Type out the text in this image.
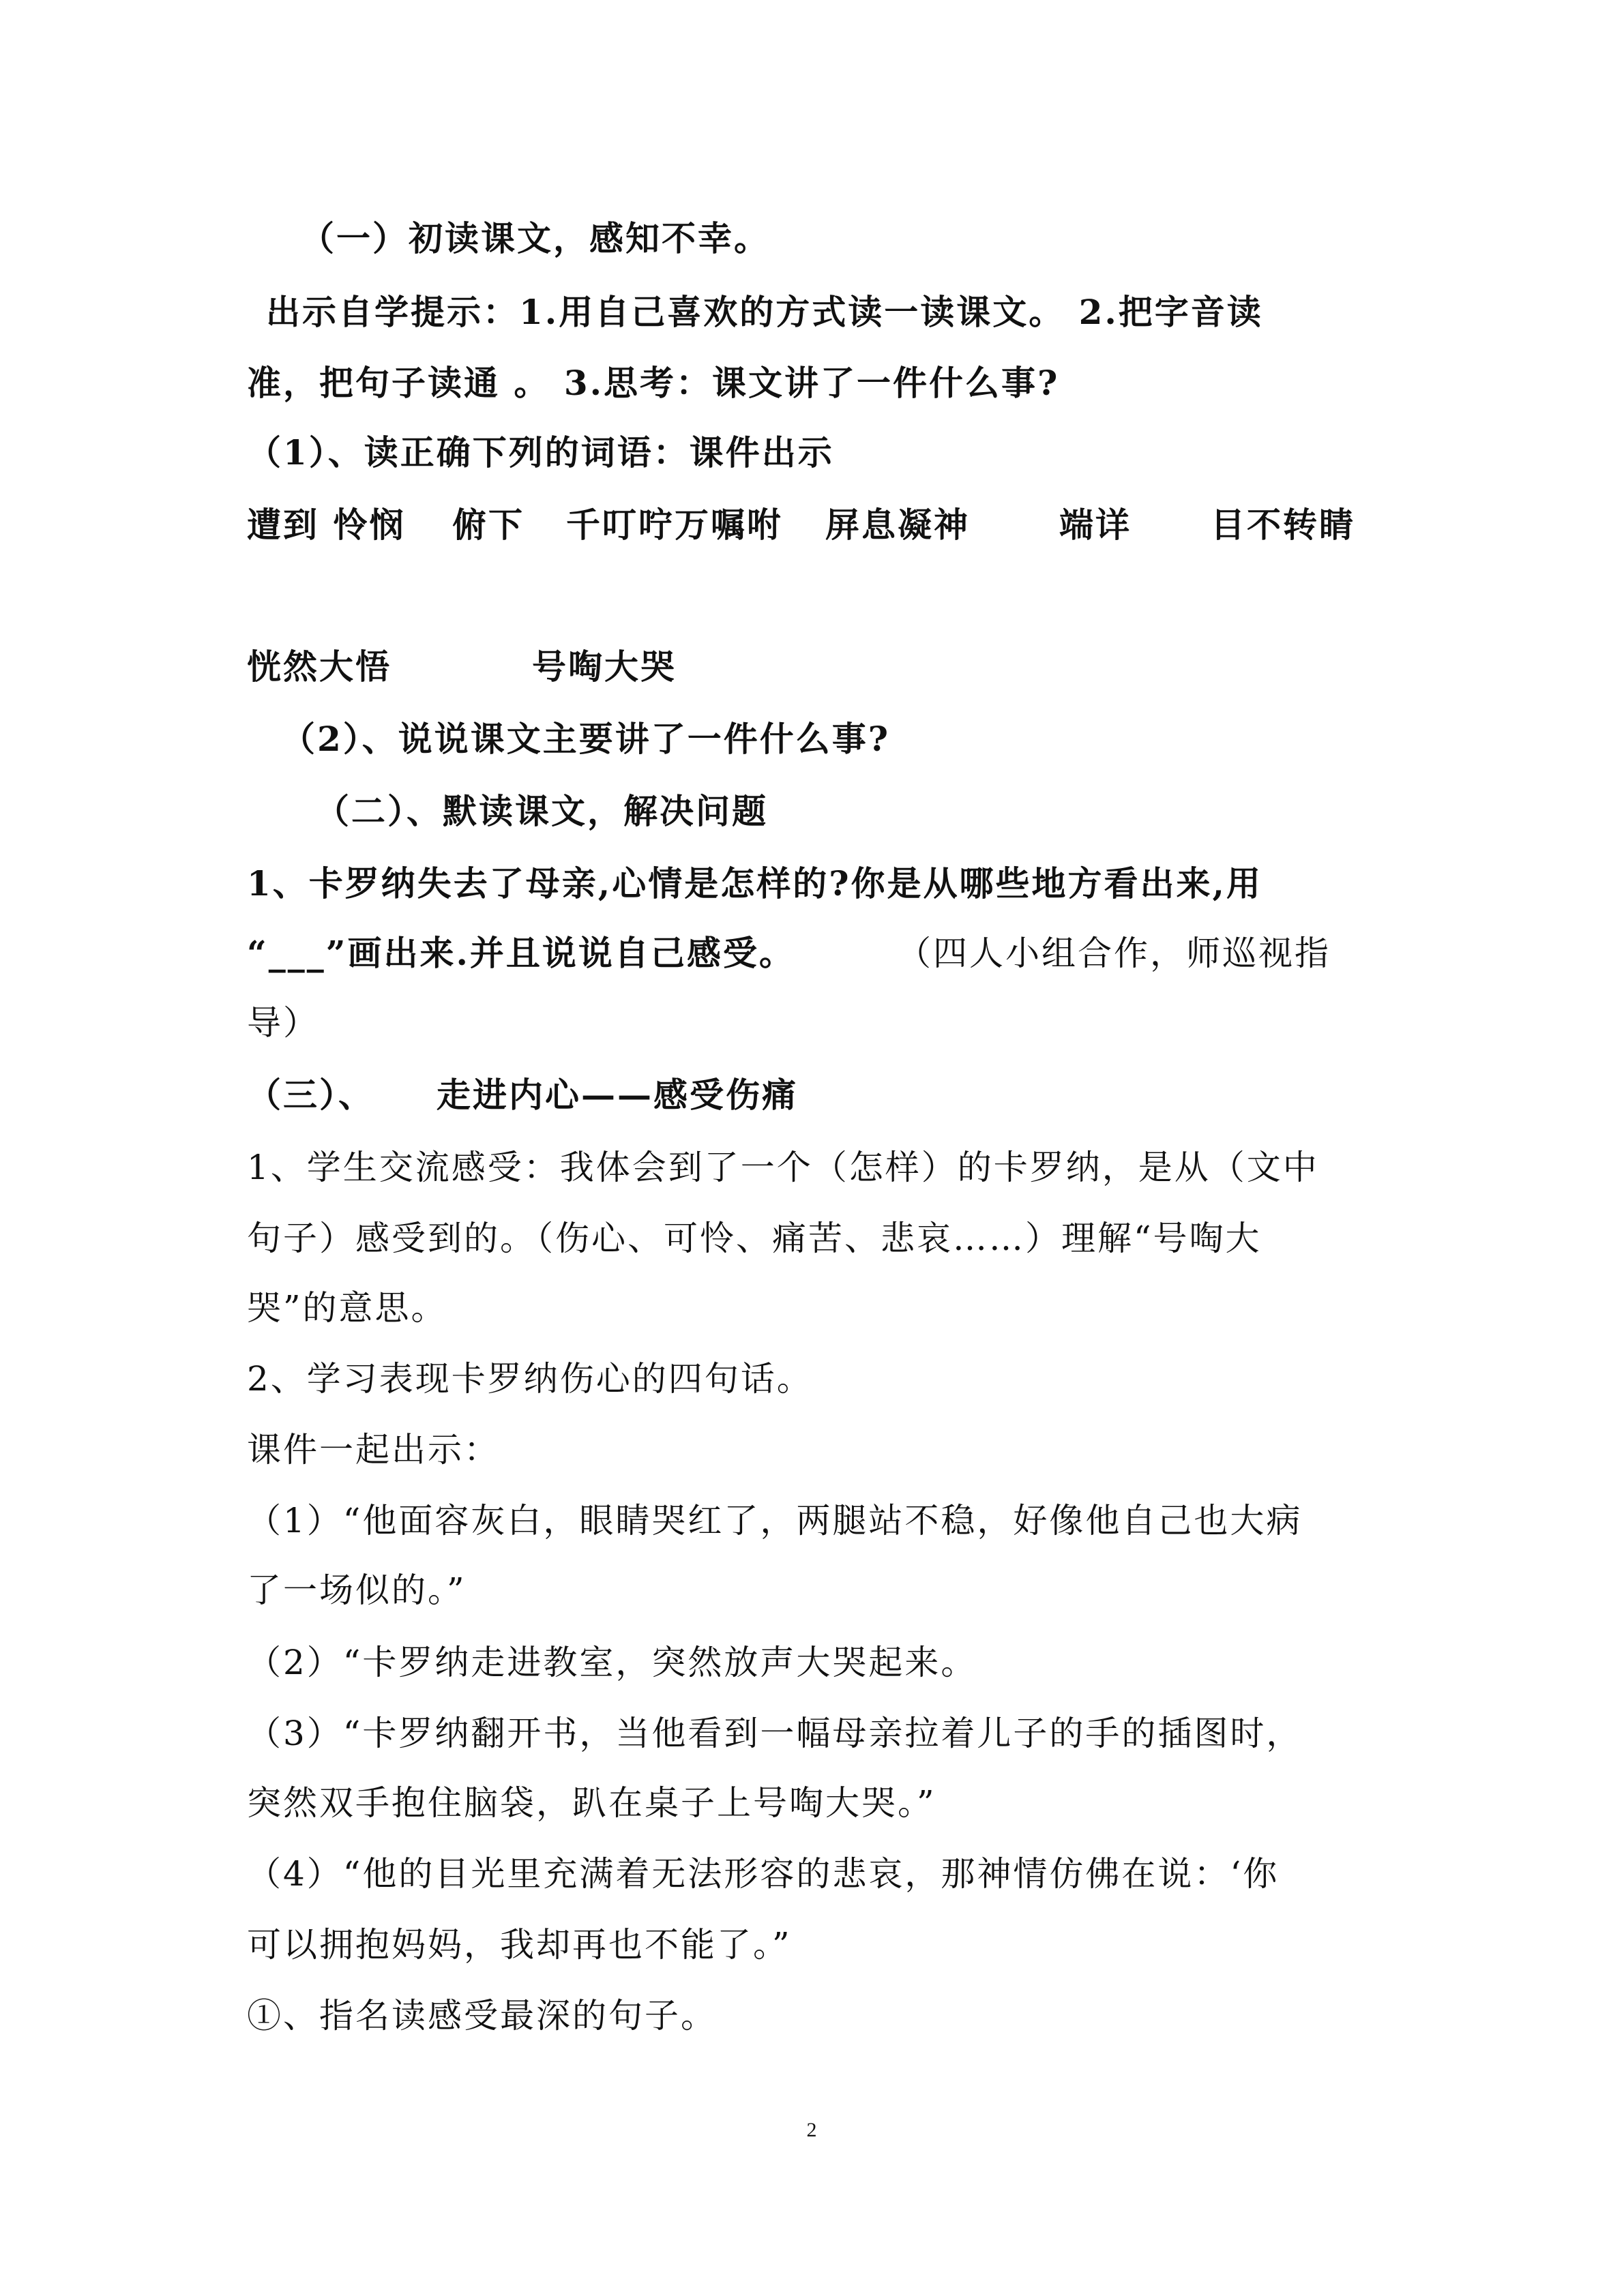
（一）初读课文，感知不幸。
出示自学提示：1.用自己喜欢的方式读一读课文。 2.把字音读
准，把句子读通 。 3.思考：课文讲了一件什么事?
（1）、读正确下列的词语：课件出示
遭到 怜悯 俯下 千叮咛万嘱咐 屏息凝神	端详 目不转睛
恍然大悟	号啕大哭
（2）、说说课文主要讲了一件什么事?
（二）、默读课文，解决问题
1、卡罗纳失去了母亲,心情是怎样的?你是从哪些地方看出来,用
“___”画出来.并且说说自己感受。	（四人小组合作，师巡视指
导）
（三）、 走进内心——感受伤痛
1、学生交流感受：我体会到了一个（怎样）的卡罗纳，是从（文中
句子）感受到的。（伤心、可怜、痛苦、悲哀……）理解“号啕大
哭”的意思。
2、学习表现卡罗纳伤心的四句话。
课件一起出示：
（1）“他面容灰白，眼睛哭红了，两腿站不稳，好像他自己也大病
了一场似的。”
（2）“卡罗纳走进教室，突然放声大哭起来。
（3）“卡罗纳翻开书，当他看到一幅母亲拉着儿子的手的插图时，
突然双手抱住脑袋，趴在桌子上号啕大哭。”
（4）“他的目光里充满着无法形容的悲哀，那神情仿佛在说：‘你
可以拥抱妈妈，我却再也不能了。”
①、指名读感受最深的句子。
2
